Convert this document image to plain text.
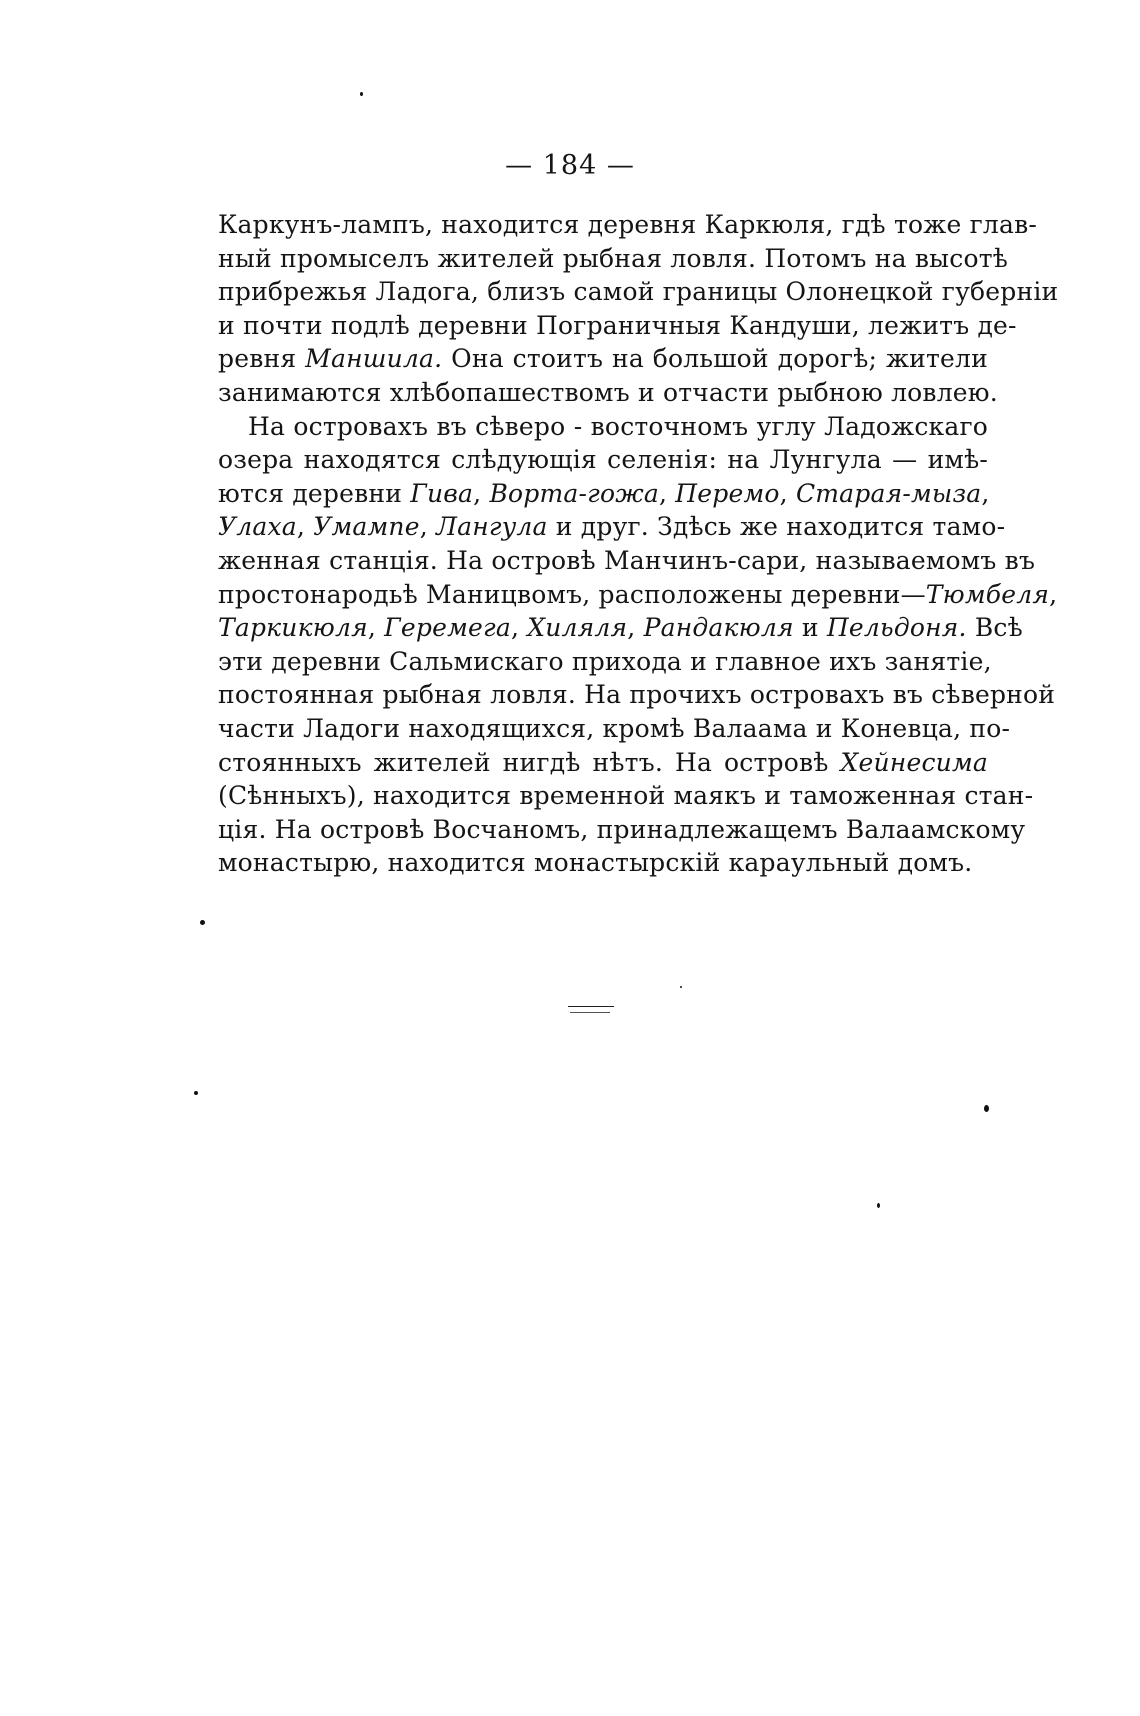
— 184 —
Каркунъ-лампъ, находится деревня Каркюля, гдѣ тоже глав-
ный промыселъ жителей рыбная ловля. Потомъ на высотѣ
прибрежья Ладога, близъ самой границы Олонецкой губерніи
и почти подлѣ деревни Пограничныя Кандуши, лежитъ де-
ревня Маншила. Она стоитъ на большой дорогѣ; жители
занимаются хлѣбопашествомъ и отчасти рыбною ловлею.
На островахъ въ сѣверо - восточномъ углу Ладожскаго
озера находятся слѣдующія селенія: на Лунгула — имѣ-
ются деревни Гива, Ворта-гожа, Перемо, Старая-мыза,
Улаха, Умампе, Лангула и друг. Здѣсь же находится тамо-
женная станція. На островѣ Манчинъ-сари, называемомъ въ
простонародьѣ Маницвомъ, расположены деревни—Тюмбеля,
Таркикюля, Геремега, Хиляля, Рандакюля и Пельдоня. Всѣ
эти деревни Сальмискаго прихода и главное ихъ занятіе,
постоянная рыбная ловля. На прочихъ островахъ въ сѣверной
части Ладоги находящихся, кромѣ Валаама и Коневца, по-
стоянныхъ жителей нигдѣ нѣтъ. На островѣ Хейнесима
(Сѣнныхъ), находится временной маякъ и таможенная стан-
ція. На островѣ Восчаномъ, принадлежащемъ Валаамскому
монастырю, находится монастырскій караульный домъ.
